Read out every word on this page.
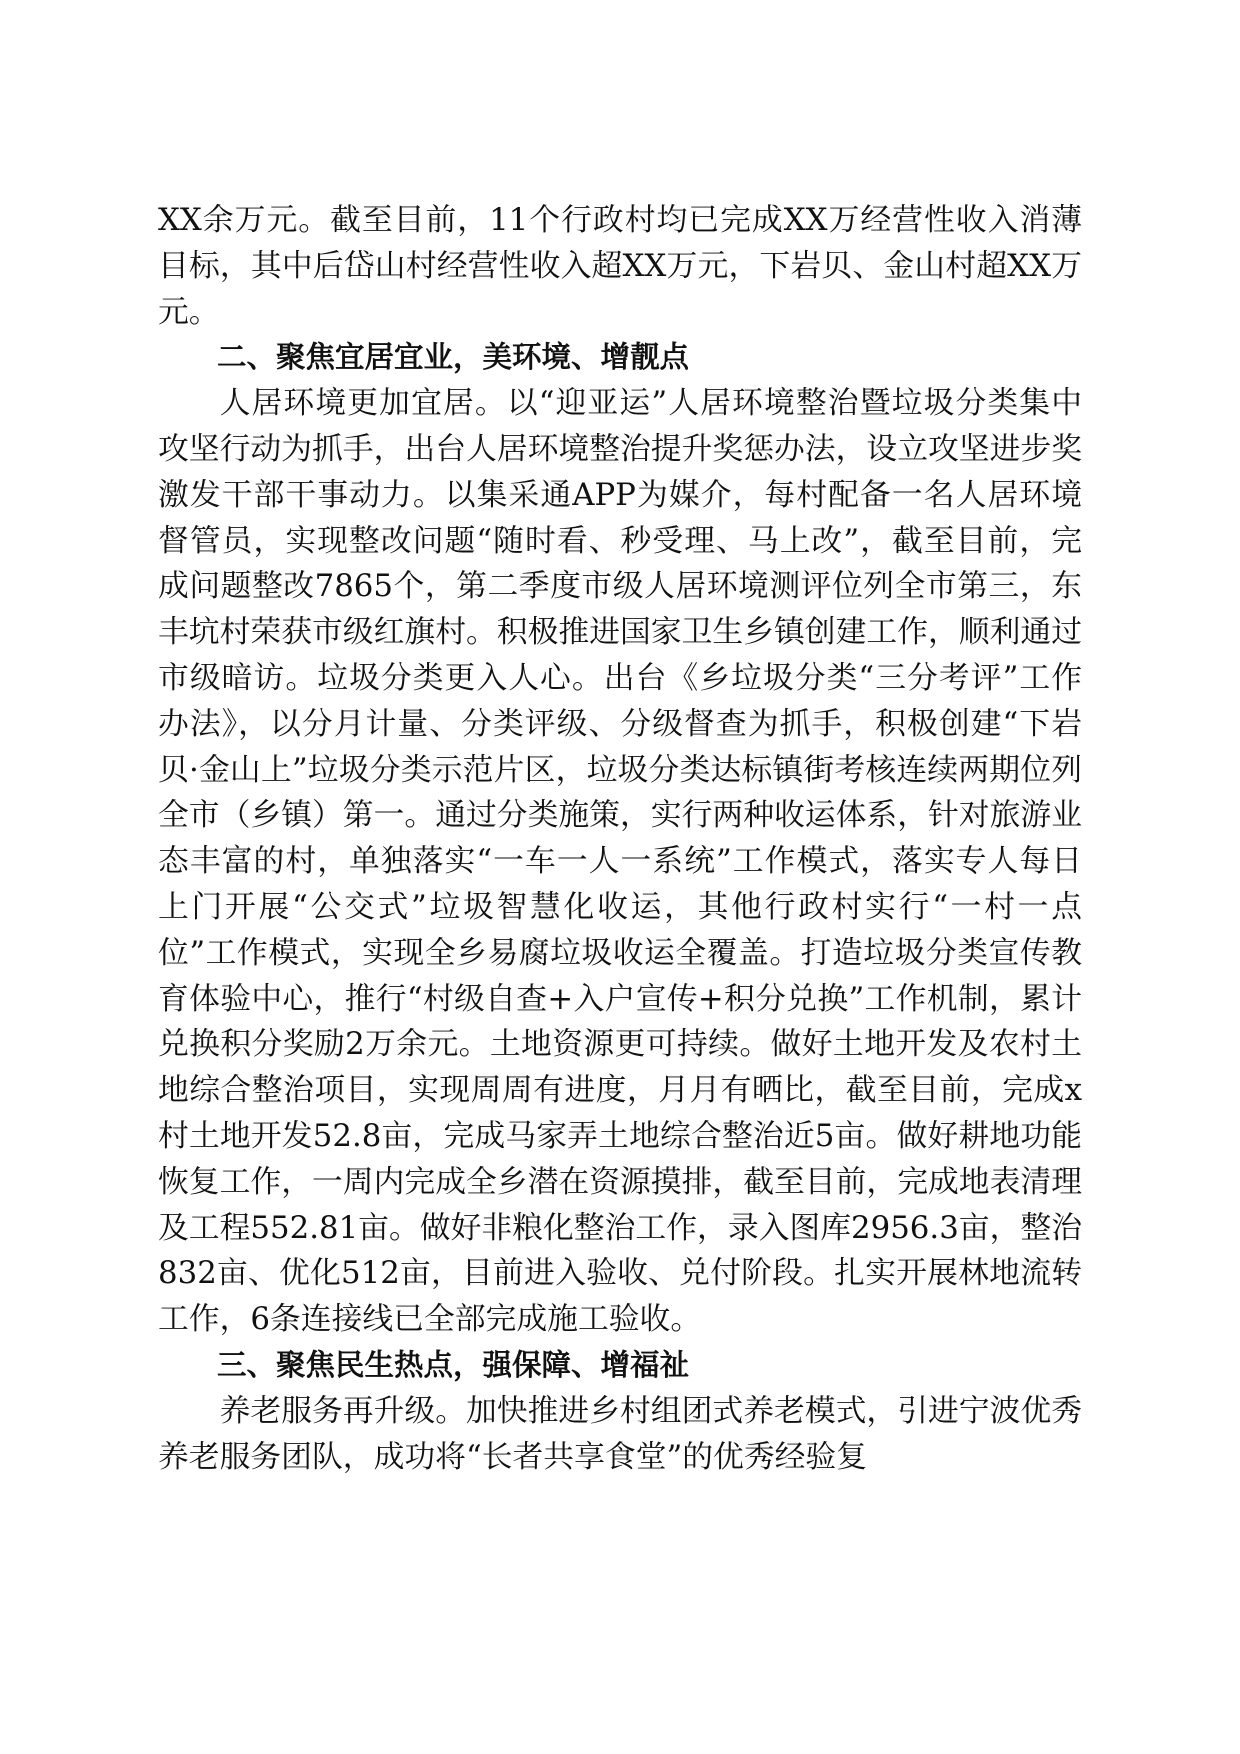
XX余万元。截至目前，11个行政村均已完成XX万经营性收入消薄目标，其中后岱山村经营性收入超XX万元，下岩贝、金山村超XX万元。

二、聚焦宜居宜业，美环境、增靓点

人居环境更加宜居。以“迎亚运”人居环境整治暨垃圾分类集中攻坚行动为抓手，出台人居环境整治提升奖惩办法，设立攻坚进步奖激发干部干事动力。以集采通APP为媒介，每村配备一名人居环境督管员，实现整改问题“随时看、秒受理、马上改”，截至目前，完成问题整改7865个，第二季度市级人居环境测评位列全市第三，东丰坑村荣获市级红旗村。积极推进国家卫生乡镇创建工作，顺利通过市级暗访。垃圾分类更入人心。出台《乡垃圾分类“三分考评”工作办法》，以分月计量、分类评级、分级督查为抓手，积极创建“下岩贝·金山上”垃圾分类示范片区，垃圾分类达标镇街考核连续两期位列全市（乡镇）第一。通过分类施策，实行两种收运体系，针对旅游业态丰富的村，单独落实“一车一人一系统”工作模式，落实专人每日上门开展“公交式”垃圾智慧化收运，其他行政村实行“一村一点位”工作模式，实现全乡易腐垃圾收运全覆盖。打造垃圾分类宣传教育体验中心，推行“村级自查+入户宣传+积分兑换”工作机制，累计兑换积分奖励2万余元。土地资源更可持续。做好土地开发及农村土地综合整治项目，实现周周有进度，月月有晒比，截至目前，完成x村土地开发52.8亩，完成马家弄土地综合整治近5亩。做好耕地功能恢复工作，一周内完成全乡潜在资源摸排，截至目前，完成地表清理及工程552.81亩。做好非粮化整治工作，录入图库2956.3亩，整治832亩、优化512亩，目前进入验收、兑付阶段。扎实开展林地流转工作，6条连接线已全部完成施工验收。

三、聚焦民生热点，强保障、增福祉

养老服务再升级。加快推进乡村组团式养老模式，引进宁波优秀养老服务团队，成功将“长者共享食堂”的优秀经验复
